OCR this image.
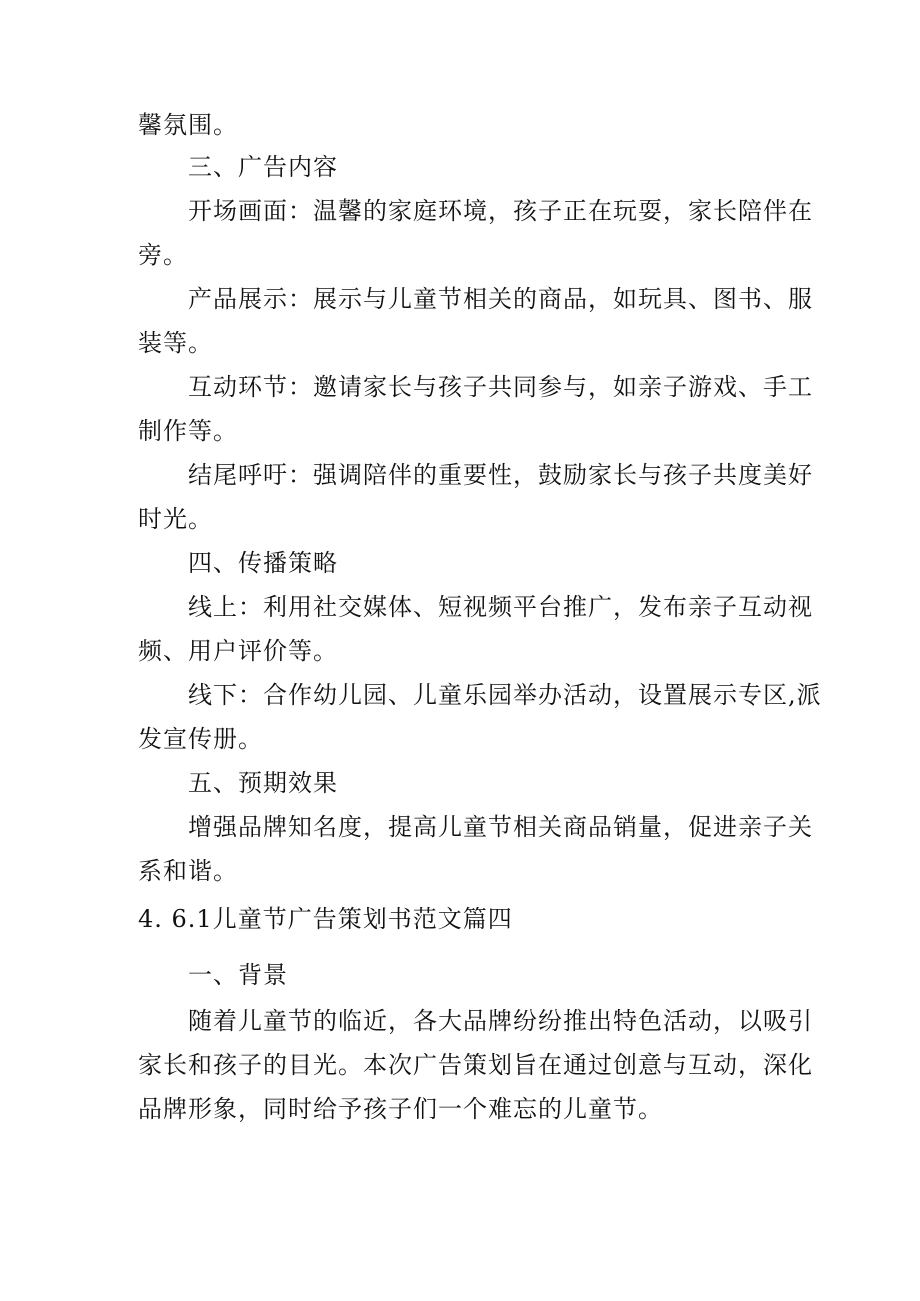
馨氛围。
三、广告内容
开场画面：温馨的家庭环境，孩子正在玩耍，家长陪伴在
旁。
产品展示：展示与儿童节相关的商品，如玩具、图书、服
装等。
互动环节：邀请家长与孩子共同参与，如亲子游戏、手工
制作等。
结尾呼吁：强调陪伴的重要性，鼓励家长与孩子共度美好
时光。
四、传播策略
线上：利用社交媒体、短视频平台推广，发布亲子互动视
频、用户评价等。
线下：合作幼儿园、儿童乐园举办活动，设置展示专区,派
发宣传册。
五、预期效果
增强品牌知名度，提高儿童节相关商品销量，促进亲子关
系和谐。
4. 6.1儿童节广告策划书范文篇四
一、背景
随着儿童节的临近，各大品牌纷纷推出特色活动，以吸引
家长和孩子的目光。本次广告策划旨在通过创意与互动，深化
品牌形象，同时给予孩子们一个难忘的儿童节。
